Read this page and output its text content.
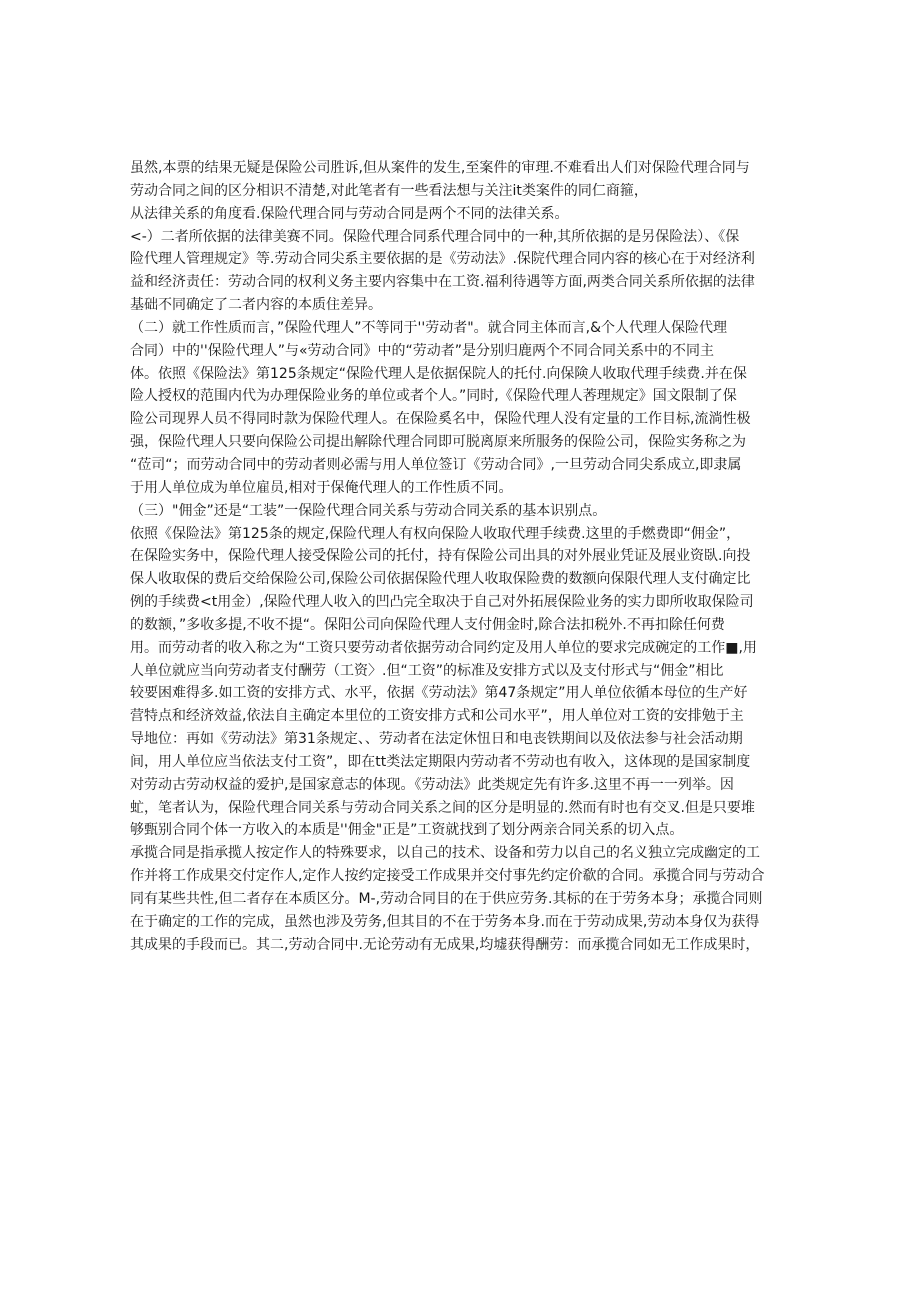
虽然,本票的结果无疑是保险公司胜诉,但从案件的发生,至案件的审理.不难看出人们对保险代理合同与
劳动合同之间的区分相识不清楚,对此笔者有一些看法想与关注it类案件的同仁商箍，
从法律关系的角度看.保险代理合同与劳动合同是两个不同的法律关系。
<-）二者所依据的法律美赛不同。保险代理合同系代理合同中的一种,其所依据的是另保险法）、《保
险代理人管理规定》等.劳动合同尖系主要依据的是《劳动法》.保院代理合同内容的核心在于对经济利
益和经济责任：劳动合同的权利义务主要内容集中在工资.福利待遇等方面,两类合同关系所依据的法律
基础不同确定了二者内容的本质住差异。
（二）就工作性质而言，”保险代理人”不等同于''劳动者"。就合同主体而言,&个人代理人保险代理
合同）中的''保险代理人”与«劳动合同》中的“劳动者”是分别归鹿两个不同合同关系中的不同主
体。依照《保险法》第125条规定“保险代理人是依据保院人的托付.向保険人收取代理手续费.并在保
险人授权的范围内代为办理保险业务的单位或者个人。”同时,《保险代理人莕理规定》国文限制了保
险公司现界人员不得同时款为保险代理人。在保险奚名中，保险代理人没有定量的工作目标,流淌性极
强，保险代理人只要向保险公司提出解除代理合同即可脱离原来所服务的保险公司，保险实务称之为
“莅司“；而劳动合同中的劳动者则必需与用人单位签订《劳动合同》,一旦劳动合同尖系成立,即隶属
于用人单位成为单位雇员,相对于保俺代理人的工作性质不同。
（三）"佣金”还是“工装”一保险代理合同关系与劳动合同关系的基本识别点。
依照《保险法》第125条的规定,保险代理人有权向保险人收取代理手续费.这里的手燃费即“佣金”，
在保险实务中，保险代理人接受保险公司的托付，持有保险公司出具的对外展业凭证及展业资臥.向投
保人收取保的费后交给保险公司,保险公司依据保险代理人收取保险费的数额向保限代理人支付确定比
例的手续费<t用金）,保险代理人收入的凹凸完全取决于自己对外拓展保险业务的实力即所收取保险司
的数额，”多收多提,不收不提“。保阳公司向保险代理人支付佣金时,除合法扣税外.不再扣除任何费
用。而劳动者的收入称之为“工资只要劳动者依据劳动合同约定及用人单位的要求完成碗定的工作■,用
人单位就应当向劳动者支付酬劳（工资〉.但“工资”的标准及安排方式以及支付形式与“佣金”相比
较要困难得多.如工资的安排方式、水平，依据《劳动法》第47条规定”用人单位依循本母位的生产好
营特点和经济效益,依法自主确定本里位的工资安排方式和公司水平”，用人单位对工资的安排勉于主
导地位：再如《劳动法》第31条规定、、劳动者在法定休忸日和电丧铁期间以及依法参与社会活动期
间，用人单位应当依法支付工资”，即在tt类法定期限内劳动者不劳动也有收入，这体现的是国家制度
对劳动古劳动权益的爱护,是国家意志的体现。《劳动法》此类规定先有许多.这里不再一一列举。因
虻，笔者认为，保险代理合同关系与劳动合同关系之间的区分是明显的.然而有时也有交叉.但是只要堆
够甄别合同个体一方收入的本质是''佣金"正是”工资就找到了划分两亲合同关系的切入点。
承揽合同是指承揽人按定作人的特殊要求，以自己的技术、设备和劳力以自己的名义独立完成幽定的工
作并将工作成果交付定作人,定作人按约定接受工作成果并交付事先约定价欷的合同。承揽合同与劳动合
同有某些共性,但二者存在本质区分。M-,劳动合同目的在于供应劳务.其标的在于劳务本身；承揽合同则
在于确定的工作的完成，虽然也涉及劳务,但其目的不在于劳务本身.而在于劳动成果,劳动本身仅为获得
其成果的手段而已。其二,劳动合同中.无论劳动有无成果,均墟获得酬劳：而承揽合同如无工作成果时，
